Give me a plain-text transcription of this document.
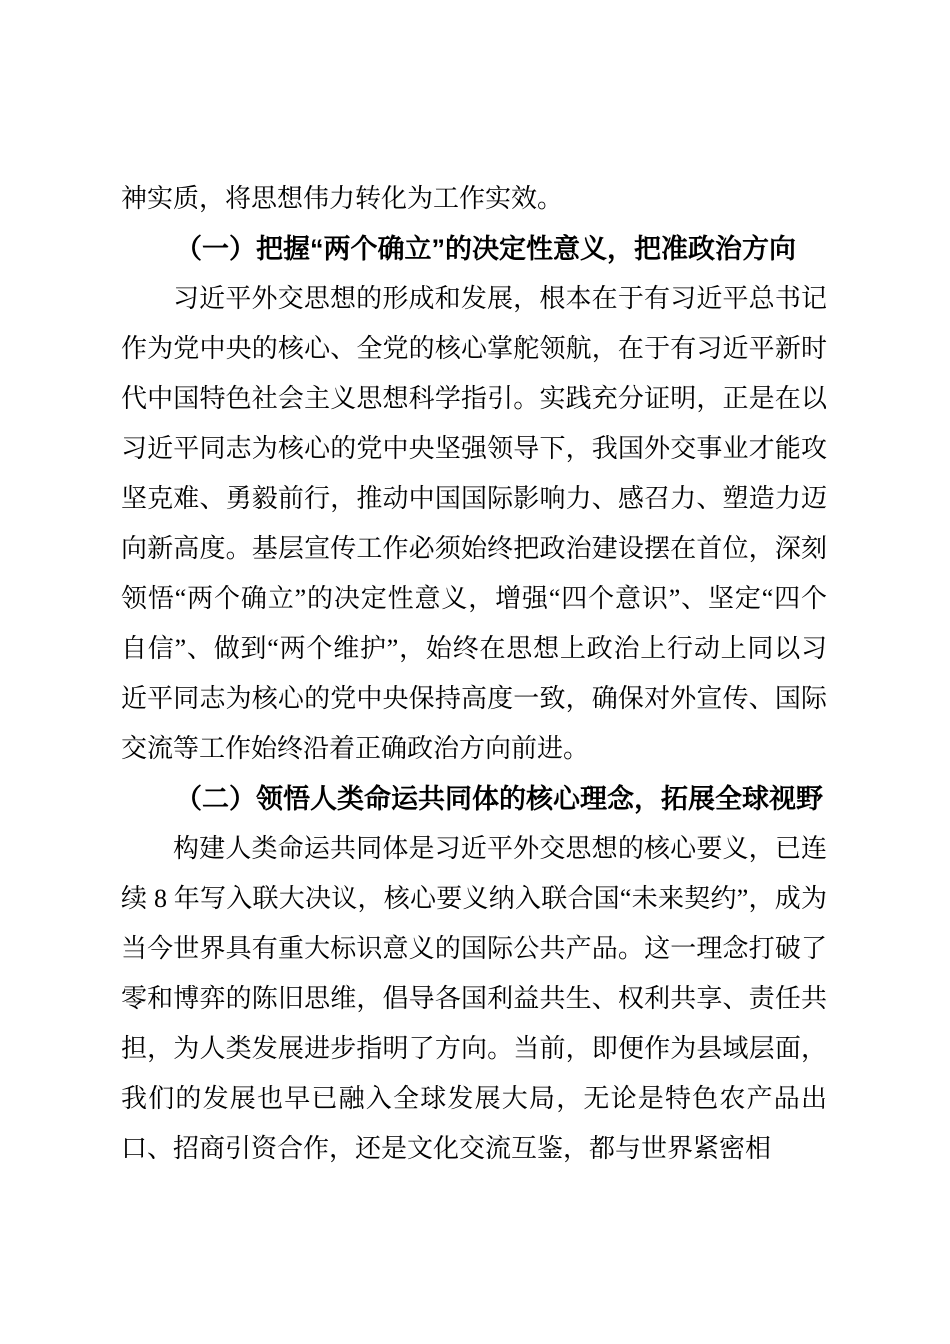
神实质，将思想伟力转化为工作实效。

（一）把握“两个确立”的决定性意义，把准政治方向

习近平外交思想的形成和发展，根本在于有习近平总书记作为党中央的核心、全党的核心掌舵领航，在于有习近平新时代中国特色社会主义思想科学指引。实践充分证明，正是在以习近平同志为核心的党中央坚强领导下，我国外交事业才能攻坚克难、勇毅前行，推动中国国际影响力、感召力、塑造力迈向新高度。基层宣传工作必须始终把政治建设摆在首位，深刻领悟“两个确立”的决定性意义，增强“四个意识”、坚定“四个自信”、做到“两个维护”，始终在思想上政治上行动上同以习近平同志为核心的党中央保持高度一致，确保对外宣传、国际交流等工作始终沿着正确政治方向前进。

（二）领悟人类命运共同体的核心理念，拓展全球视野

构建人类命运共同体是习近平外交思想的核心要义，已连续 8 年写入联大决议，核心要义纳入联合国“未来契约”，成为当今世界具有重大标识意义的国际公共产品。这一理念打破了零和博弈的陈旧思维，倡导各国利益共生、权利共享、责任共担，为人类发展进步指明了方向。当前，即便作为县域层面，我们的发展也早已融入全球发展大局，无论是特色农产品出口、招商引资合作，还是文化交流互鉴，都与世界紧密相
